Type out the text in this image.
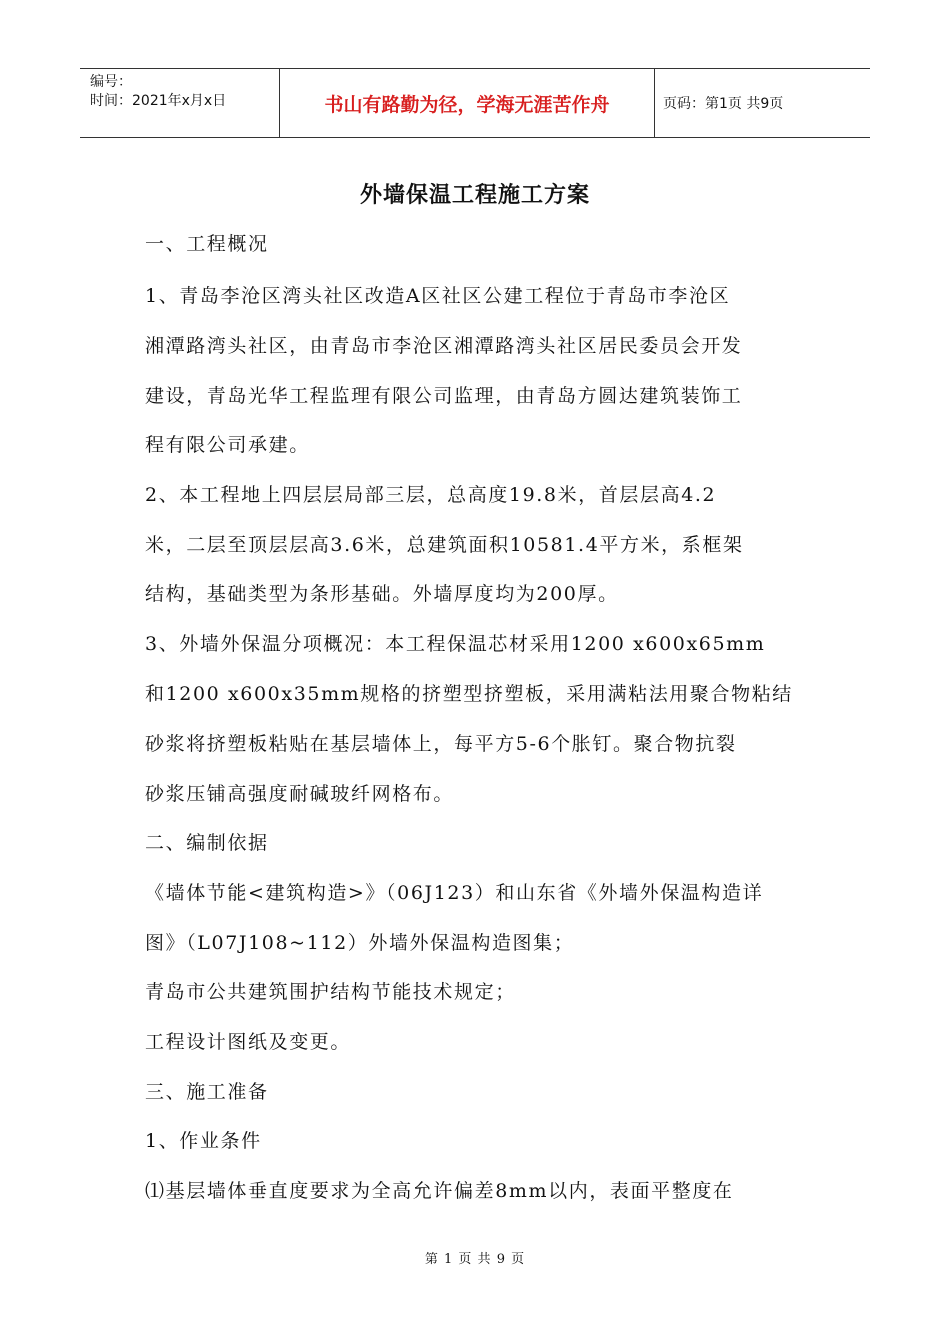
编号：
时间：2021年x月x日	书山有路勤为径，学海无涯苦作舟	页码：第1页 共9页
外墙保温工程施工方案
一、工程概况
1、青岛李沧区湾头社区改造A区社区公建工程位于青岛市李沧区
湘潭路湾头社区，由青岛市李沧区湘潭路湾头社区居民委员会开发
建设，青岛光华工程监理有限公司监理，由青岛方圆达建筑装饰工
程有限公司承建。
2、本工程地上四层层局部三层，总高度19.8米，首层层高4.2
米，二层至顶层层高3.6米，总建筑面积10581.4平方米，系框架
结构，基础类型为条形基础。外墙厚度均为200厚。
3、外墙外保温分项概况：本工程保温芯材采用1200 x600x65mm
和1200 x600x35mm规格的挤塑型挤塑板，采用满粘法用聚合物粘结
砂浆将挤塑板粘贴在基层墙体上，每平方5-6个胀钉。聚合物抗裂
砂浆压铺高强度耐碱玻纤网格布。
二、编制依据
《墙体节能<建筑构造>》（06J123）和山东省《外墙外保温构造详
图》（L07J108~112）外墙外保温构造图集；
青岛市公共建筑围护结构节能技术规定；
工程设计图纸及变更。
三、施工准备
1、作业条件
⑴基层墙体垂直度要求为全高允许偏差8mm以内，表面平整度在
第 1 页 共 9 页
